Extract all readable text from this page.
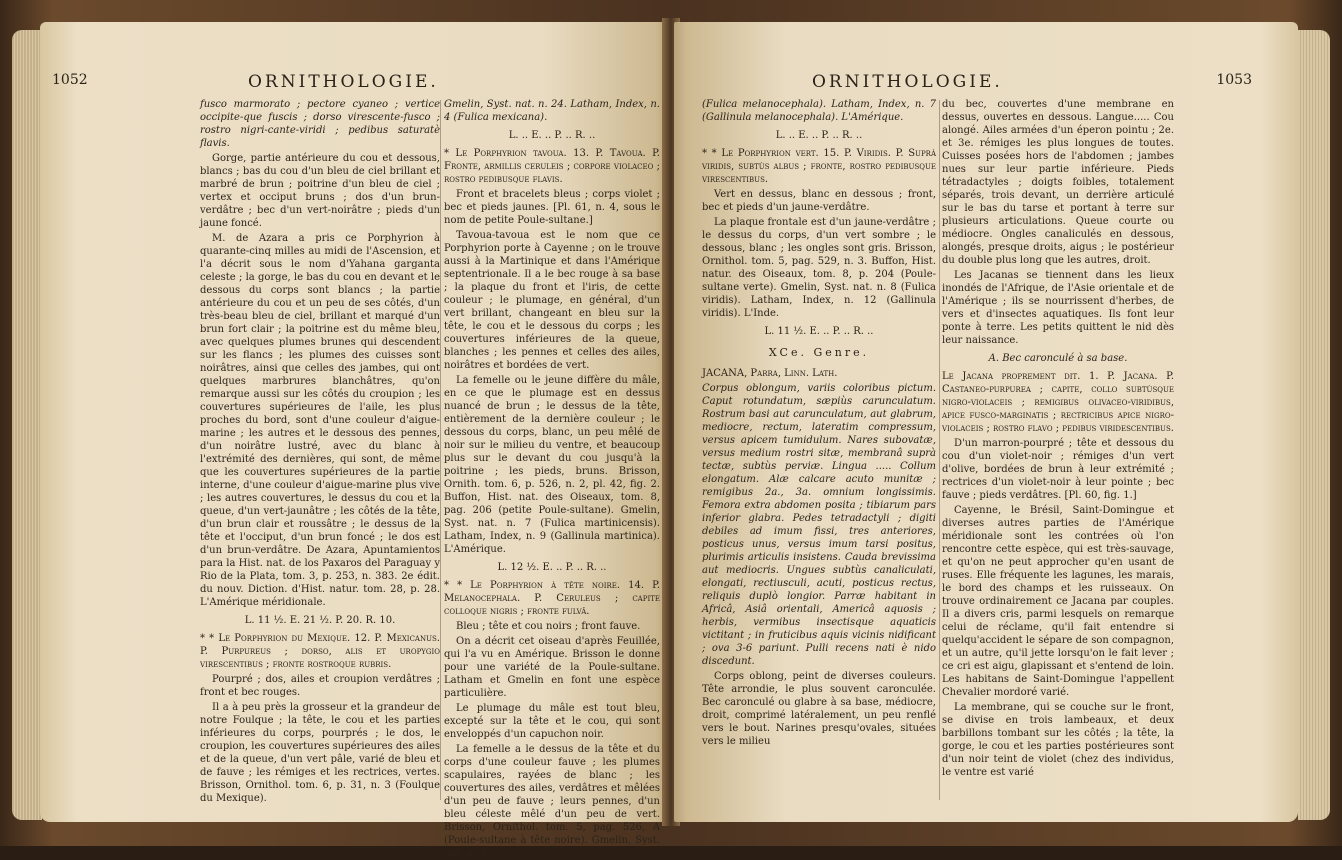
1052	ORNITHOLOGIE.

fusco marmorato ; pectore cyaneo ; vertice occipite-que fuscis ; dorso virescente-fusco ; rostro nigri-cante-viridi ; pedibus saturatè flavis.

Gorge, partie antérieure du cou et dessous, blancs ; bas du cou d'un bleu de ciel brillant et marbré de brun ; poitrine d'un bleu de ciel ; vertex et occiput bruns ; dos d'un brun-verdâtre ; bec d'un vert-noirâtre ; pieds d'un jaune foncé.

M. de Azara a pris ce Porphyrion à quarante-cinq milles au midi de l'Ascension, et l'a décrit sous le nom d'Yahana garganta celeste ; la gorge, le bas du cou en devant et le dessous du corps sont blancs ; la partie antérieure du cou et un peu de ses côtés, d'un très-beau bleu de ciel, brillant et marqué d'un brun fort clair ; la poitrine est du même bleu, avec quelques plumes brunes qui descendent sur les flancs ; les plumes des cuisses sont noirâtres, ainsi que celles des jambes, qui ont quelques marbrures blanchâtres, qu'on remarque aussi sur les côtés du croupion ; les couvertures supérieures de l'aile, les plus proches du bord, sont d'une couleur d'aigue-marine ; les autres et le dessous des pennes, d'un noirâtre lustré, avec du blanc à l'extrémité des dernières, qui sont, de même que les couvertures supérieures de la partie interne, d'une couleur d'aigue-marine plus vive ; les autres couvertures, le dessus du cou et la queue, d'un vert-jaunâtre ; les côtés de la tête, d'un brun clair et roussâtre ; le dessus de la tête et l'occiput, d'un brun foncé ; le dos est d'un brun-verdâtre. De Azara, Apuntamientos para la Hist. nat. de los Paxaros del Paraguay y Rio de la Plata, tom. 3, p. 253, n. 383. 2e édit. du nouv. Diction. d'Hist. natur. tom. 28, p. 28. L'Amérique méridionale.

L. 11 ½. E. 21 ½. P. 20. R. 10.

* * Le Porphyrion du Mexique. 12. P. Mexicanus. P. Purpureus ; dorso, alis et uropygio virescentibus ; fronte rostroque rubris.

Pourpré ; dos, ailes et croupion verdâtres ; front et bec rouges.

Il a à peu près la grosseur et la grandeur de notre Foulque ; la tête, le cou et les parties inférieures du corps, pourprés ; le dos, le croupion, les couvertures supérieures des ailes et de la queue, d'un vert pâle, varié de bleu et de fauve ; les rémiges et les rectrices, vertes. Brisson, Ornithol. tom. 6, p. 31, n. 3 (Foulque du Mexique).

Gmelin, Syst. nat. n. 24. Latham, Index, n. 4 (Fulica mexicana).

L. .. E. .. P. .. R. ..

* Le Porphyrion tavoua. 13. P. Tavoua. P. Fronte, armillis ceruleis ; corpore violaceo ; rostro pedibusque flavis.

Front et bracelets bleus ; corps violet ; bec et pieds jaunes. [Pl. 61, n. 4, sous le nom de petite Poule-sultane.]

Tavoua-tavoua est le nom que ce Porphyrion porte à Cayenne ; on le trouve aussi à la Martinique et dans l'Amérique septentrionale. Il a le bec rouge à sa base ; la plaque du front et l'iris, de cette couleur ; le plumage, en général, d'un vert brillant, changeant en bleu sur la tête, le cou et le dessous du corps ; les couvertures inférieures de la queue, blanches ; les pennes et celles des ailes, noirâtres et bordées de vert.

La femelle ou le jeune diffère du mâle, en ce que le plumage est en dessus nuancé de brun ; le dessus de la tête, entièrement de la dernière couleur ; le dessous du corps, blanc, un peu mêlé de noir sur le milieu du ventre, et beaucoup plus sur le devant du cou jusqu'à la poitrine ; les pieds, bruns. Brisson, Ornith. tom. 6, p. 526, n. 2, pl. 42, fig. 2. Buffon, Hist. nat. des Oiseaux, tom. 8, pag. 206 (petite Poule-sultane). Gmelin, Syst. nat. n. 7 (Fulica martinicensis). Latham, Index, n. 9 (Gallinula martinica). L'Amérique.

L. 12 ½. E. .. P. .. R. ..

* * Le Porphyrion à tête noire. 14. P. Melanocephala. P. Ceruleus ; capite colloque nigris ; fronte fulvâ.

Bleu ; tête et cou noirs ; front fauve.

On a décrit cet oiseau d'après Feuillée, qui l'a vu en Amérique. Brisson le donne pour une variété de la Poule-sultane. Latham et Gmelin en font une espèce particulière.

Le plumage du mâle est tout bleu, excepté sur la tête et le cou, qui sont enveloppés d'un capuchon noir.

La femelle a le dessus de la tête et du corps d'une couleur fauve ; les plumes scapulaires, rayées de blanc ; les couvertures des ailes, verdâtres et mêlées d'un peu de fauve ; leurs pennes, d'un bleu céleste mêlé d'un peu de vert. Brisson, Ornithol. tom. 5, pag. 526, A (Poule-sultane à tête noire). Gmelin, Syst. nat. n. 9

ORNITHOLOGIE.	1053

(Fulica melanocephala). Latham, Index, n. 7 (Gallinula melanocephala). L'Amérique.

L. .. E. .. P. .. R. ..

* * Le Porphyrion vert. 15. P. Viridis. P. Suprà viridis, subtùs albus ; fronte, rostro pedibusque virescentibus.

Vert en dessus, blanc en dessous ; front, bec et pieds d'un jaune-verdâtre.

La plaque frontale est d'un jaune-verdâtre ; le dessus du corps, d'un vert sombre ; le dessous, blanc ; les ongles sont gris. Brisson, Ornithol. tom. 5, pag. 529, n. 3. Buffon, Hist. natur. des Oiseaux, tom. 8, p. 204 (Poule-sultane verte). Gmelin, Syst. nat. n. 8 (Fulica viridis). Latham, Index, n. 12 (Gallinula viridis). L'Inde.

L. 11 ½. E. .. P. .. R. ..

XCe. Genre.

JACANA, Parra, Linn. Lath.

Corpus oblongum, variis coloribus pictum. Caput rotundatum, sæpiùs carunculatum. Rostrum basi aut carunculatum, aut glabrum, mediocre, rectum, lateratim compressum, versus apicem tumidulum. Nares subovatæ, versus medium rostri sitæ, membranâ suprà tectæ, subtùs perviæ. Lingua ..... Collum elongatum. Alæ calcare acuto munitæ ; remigibus 2a., 3a. omnium longissimis. Femora extra abdomen posita ; tibiarum pars inferior glabra. Pedes tetradactyli ; digiti debiles ad imum fissi, tres anteriores, posticus unus, versus imum tarsi positus, plurimis articulis insistens. Cauda brevissima aut mediocris. Ungues subtùs canaliculati, elongati, rectiusculi, acuti, posticus rectus, reliquis duplò longior. Parræ habitant in Africâ, Asiâ orientali, Americâ aquosis ; herbis, vermibus insectisque aquaticis victitant ; in fruticibus aquis vicinis nidificant ; ova 3-6 pariunt. Pulli recens nati è nido discedunt.

Corps oblong, peint de diverses couleurs. Tête arrondie, le plus souvent caronculée. Bec caronculé ou glabre à sa base, médiocre, droit, comprimé latéralement, un peu renflé vers le bout. Narines presqu'ovales, situées vers le milieu

du bec, couvertes d'une membrane en dessus, ouvertes en dessous. Langue..... Cou alongé. Ailes armées d'un éperon pointu ; 2e. et 3e. rémiges les plus longues de toutes. Cuisses posées hors de l'abdomen ; jambes nues sur leur partie inférieure. Pieds tétradactyles ; doigts foibles, totalement séparés, trois devant, un derrière articulé sur le bas du tarse et portant à terre sur plusieurs articulations. Queue courte ou médiocre. Ongles canaliculés en dessous, alongés, presque droits, aigus ; le postérieur du double plus long que les autres, droit.

Les Jacanas se tiennent dans les lieux inondés de l'Afrique, de l'Asie orientale et de l'Amérique ; ils se nourrissent d'herbes, de vers et d'insectes aquatiques. Ils font leur ponte à terre. Les petits quittent le nid dès leur naissance.

A. Bec caronculé à sa base.

Le Jacana proprement dit. 1. P. Jacana. P. Castaneo-purpurea ; capite, collo subtùsque nigro-violaceis ; remigibus olivaceo-viridibus, apice fusco-marginatis ; rectricibus apice nigro-violaceis ; rostro flavo ; pedibus viridescentibus.

D'un marron-pourpré ; tête et dessous du cou d'un violet-noir ; rémiges d'un vert d'olive, bordées de brun à leur extrémité ; rectrices d'un violet-noir à leur pointe ; bec fauve ; pieds verdâtres. [Pl. 60, fig. 1.]

Cayenne, le Brésil, Saint-Domingue et diverses autres parties de l'Amérique méridionale sont les contrées où l'on rencontre cette espèce, qui est très-sauvage, et qu'on ne peut approcher qu'en usant de ruses. Elle fréquente les lagunes, les marais, le bord des champs et les ruisseaux. On trouve ordinairement ce Jacana par couples. Il a divers cris, parmi lesquels on remarque celui de réclame, qu'il fait entendre si quelqu'accident le sépare de son compagnon, et un autre, qu'il jette lorsqu'on le fait lever ; ce cri est aigu, glapissant et s'entend de loin. Les habitans de Saint-Domingue l'appellent Chevalier mordoré varié.

La membrane, qui se couche sur le front, se divise en trois lambeaux, et deux barbillons tombant sur les côtés ; la tête, la gorge, le cou et les parties postérieures sont d'un noir teint de violet (chez des individus, le ventre est varié
